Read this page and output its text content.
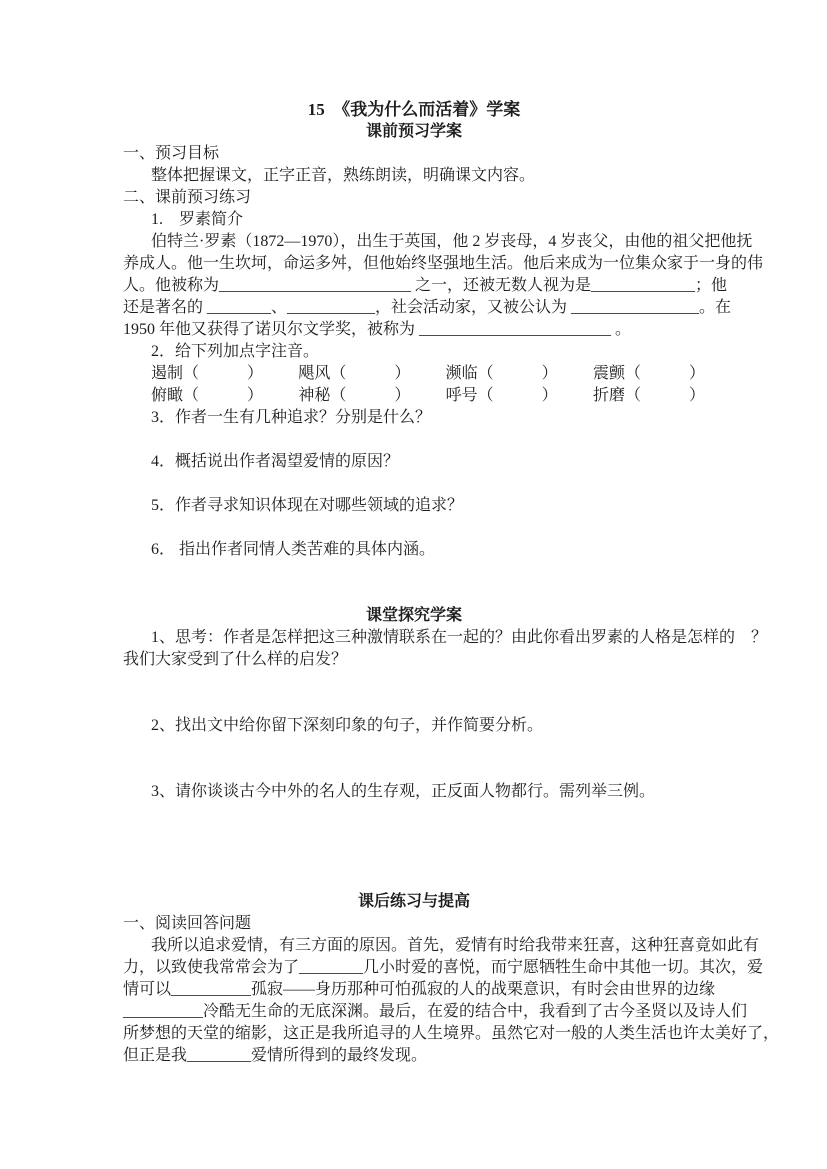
15　《我为什么而活着》学案
课前预习学案
一、预习目标
整体把握课文，正字正音，熟练朗读，明确课文内容。
二、课前预习练习
1.　罗素简介
伯特兰·罗素（1872—1970），出生于英国，他 2 岁丧母，4 岁丧父，由他的祖父把他抚
养成人。他一生坎坷，命运多舛，但他始终坚强地生活。他后来成为一位集众家于一身的伟
人。他被称为________________________ 之一，还被无数人视为是_____________；他
还是著名的 ________、___________，社会活动家，又被公认为 ________________。在
1950 年他又获得了诺贝尔文学奖，被称为 ________________________ 。
2．给下列加点字注音。
遏制（　　　） 飓风（　　　） 濒临（　　　） 震颤（　　　）
俯瞰（　　　） 神秘（　　　） 呼号（　　　） 折磨（　　　）
3．作者一生有几种追求？分别是什么？
4．概括说出作者渴望爱情的原因？
5．作者寻求知识体现在对哪些领域的追求？
6． 指出作者同情人类苦难的具体内涵。
课堂探究学案
1、思考：作者是怎样把这三种激情联系在一起的？由此你看出罗素的人格是怎样的　？
我们大家受到了什么样的启发？
2、找出文中给你留下深刻印象的句子，并作简要分析。
3、请你谈谈古今中外的名人的生存观，正反面人物都行。需列举三例。
课后练习与提高
一、阅读回答问题
我所以追求爱情，有三方面的原因。首先，爱情有时给我带来狂喜，这种狂喜竟如此有
力，以致使我常常会为了________几小时爱的喜悦，而宁愿牺牲生命中其他一切。其次，爱
情可以__________孤寂——身历那种可怕孤寂的人的战栗意识，有时会由世界的边缘
__________冷酷无生命的无底深渊。最后，在爱的结合中，我看到了古今圣贤以及诗人们
所梦想的天堂的缩影，这正是我所追寻的人生境界。虽然它对一般的人类生活也许太美好了，
但正是我________爱情所得到的最终发现。
